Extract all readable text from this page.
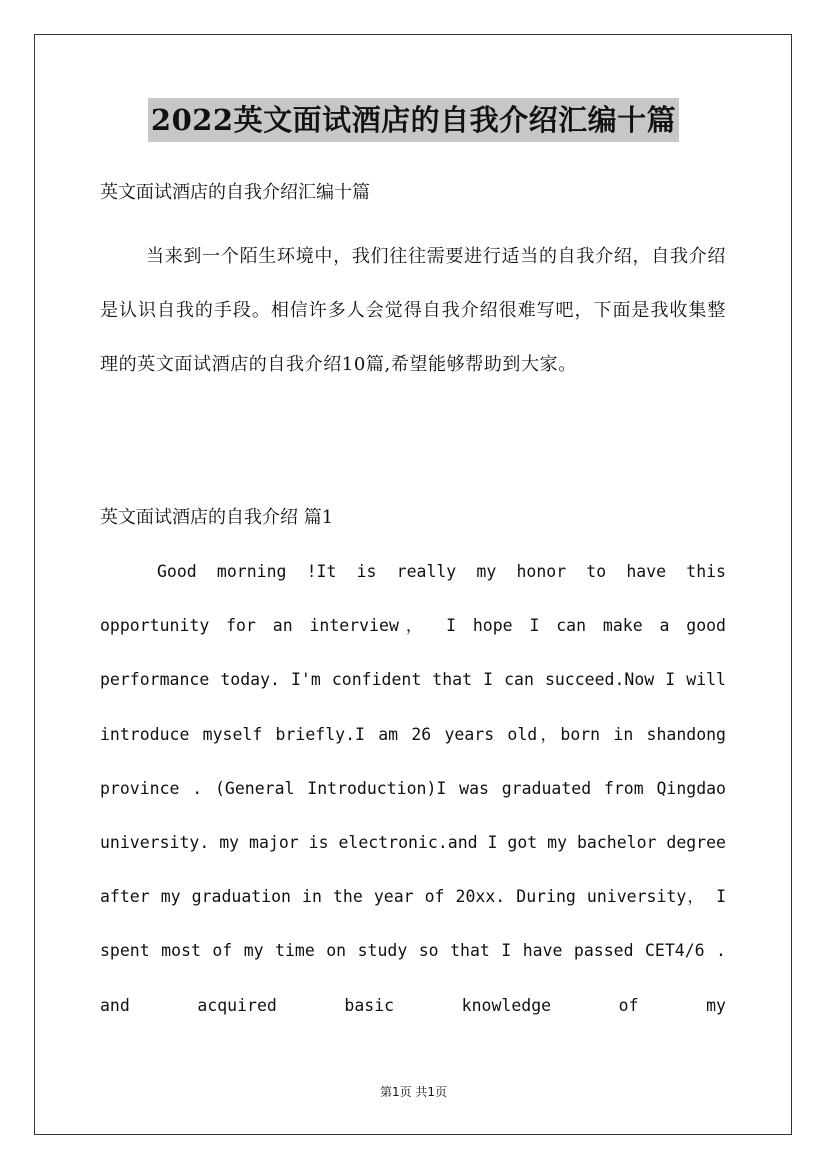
2022英文面试酒店的自我介绍汇编十篇
英文面试酒店的自我介绍汇编十篇

当来到一个陌生环境中，我们往往需要进行适当的自我介绍，自我介绍是认识自我的手段。相信许多人会觉得自我介绍很难写吧，下面是我收集整理的英文面试酒店的自我介绍10篇,希望能够帮助到大家。

英文面试酒店的自我介绍 篇1

Good morning !It is really my honor to have this opportunity for an interview， I hope I can make a good performance today. I'm confident that I can succeed.Now I will introduce myself briefly.I am 26 years old，born in shandong province . (General Introduction)I was graduated from Qingdao university. my major is electronic.and I got my bachelor degree after my graduation in the year of 20xx. During university， I spent most of my time on study so that I have passed CET4/6 . and acquired basic knowledge of my

第1页 共1页
